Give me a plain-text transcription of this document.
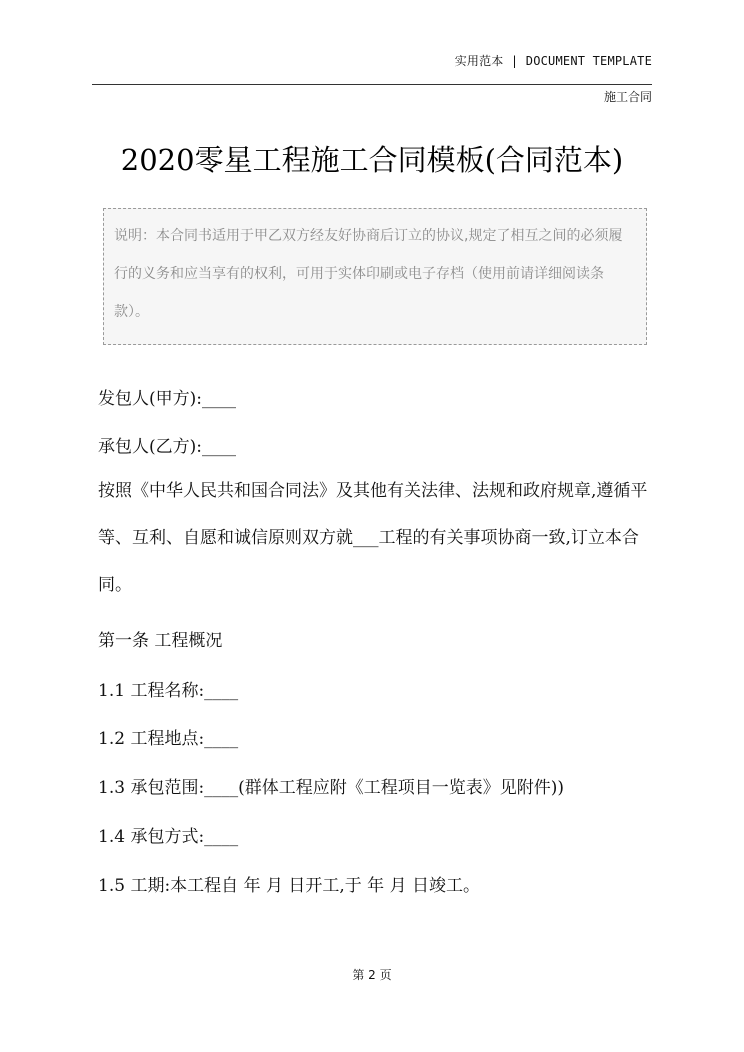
实用范本 | DOCUMENT TEMPLATE
施工合同
2020零星工程施工合同模板(合同范本)

说明：本合同书适用于甲乙双方经友好协商后订立的协议,规定了相互之间的必须履行的义务和应当享有的权利，可用于实体印刷或电子存档（使用前请详细阅读条款）。

发包人(甲方):____
承包人(乙方):____

按照《中华人民共和国合同法》及其他有关法律、法规和政府规章,遵循平等、互利、自愿和诚信原则双方就___工程的有关事项协商一致,订立本合同。

第一条 工程概况
1.1 工程名称:____
1.2 工程地点:____
1.3 承包范围:____(群体工程应附《工程项目一览表》见附件))
1.4 承包方式:____
1.5 工期:本工程自 年 月 日开工,于 年 月 日竣工。
第 2 页
